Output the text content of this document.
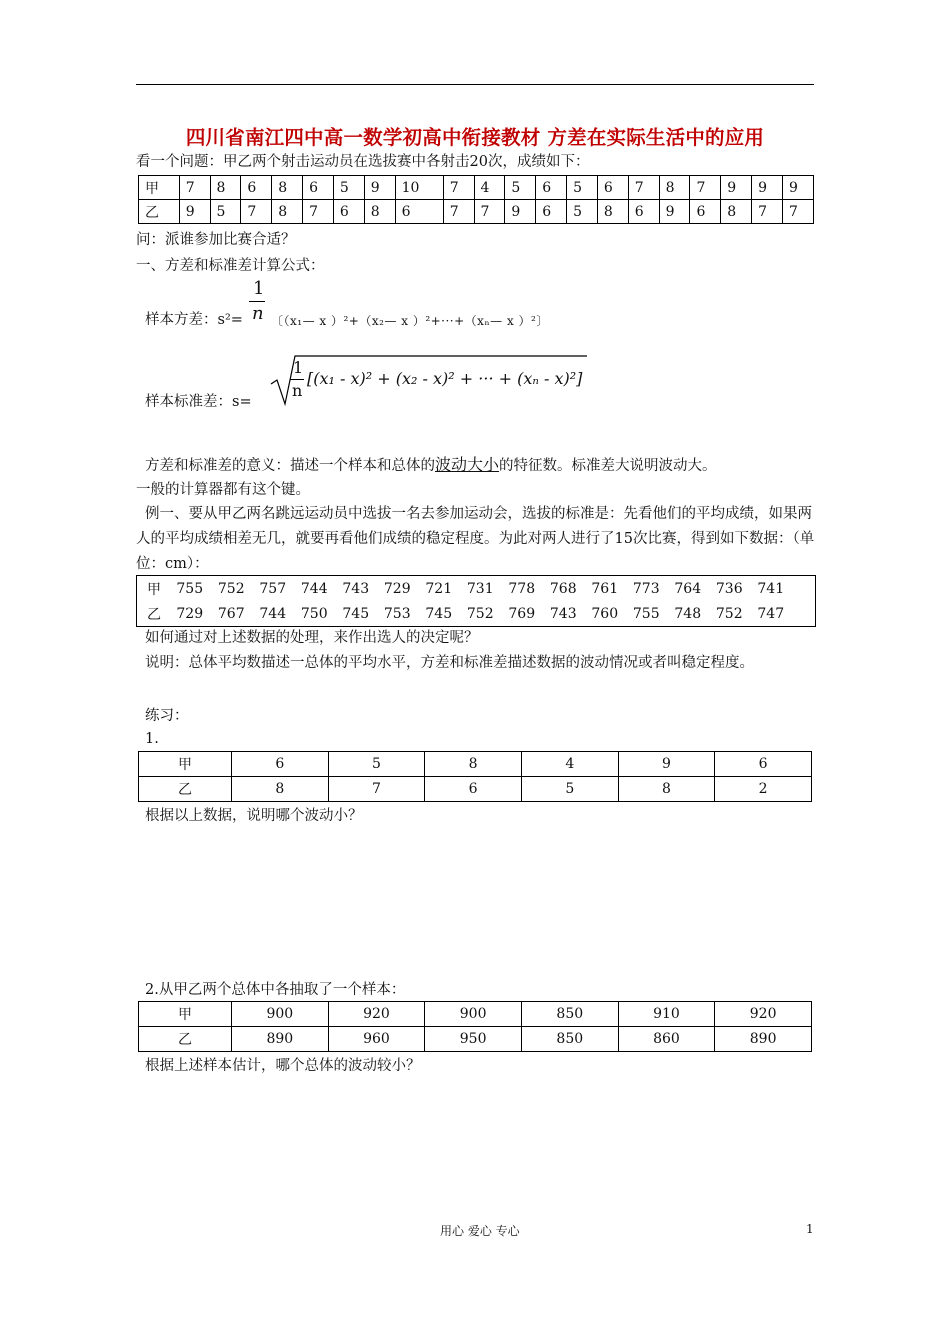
四川省南江四中高一数学初高中衔接教材 方差在实际生活中的应用
看一个问题：甲乙两个射击运动员在选拔赛中各射击20次，成绩如下：
甲	7	8	6	8	6	5	9	10	7	4	5	6	5	6	7	8	7	9	9	9
乙	9	5	7	8	7	6	8	6	7	7	9	6	5	8	6	9	6	8	7	7
问：派谁参加比赛合适？
一、方差和标准差计算公式：
样本方差：s²=
1
n 〔（x₁— x ）²+（x₂— x ）²+···+（xₙ— x ）²〕
样本标准差：s=
1
n
[(x₁ - x)² + (x₂ - x)² + ··· + (xₙ - x)²]
方差和标准差的意义：描述一个样本和总体的波动大小的特征数。标准差大说明波动大。
一般的计算器都有这个键。
例一、要从甲乙两名跳远运动员中选拔一名去参加运动会，选拔的标准是：先看他们的平均成绩，如果两人的平均成绩相差无几，就要再看他们成绩的稳定程度。为此对两人进行了15次比赛，得到如下数据：（单位：cm）：
甲	755	752	757	744	743	729	721	731	778	768	761	773	764	736	741
乙	729	767	744	750	745	753	745	752	769	743	760	755	748	752	747
如何通过对上述数据的处理，来作出选人的决定呢？
说明：总体平均数描述一总体的平均水平，方差和标准差描述数据的波动情况或者叫稳定程度。
练习：
1.
甲	6	5	8	4	9	6
乙	8	7	6	5	8	2
根据以上数据，说明哪个波动小？
2.从甲乙两个总体中各抽取了一个样本：
甲	900	920	900	850	910	920
乙	890	960	950	850	860	890
根据上述样本估计，哪个总体的波动较小？
用心 爱心 专心	1
